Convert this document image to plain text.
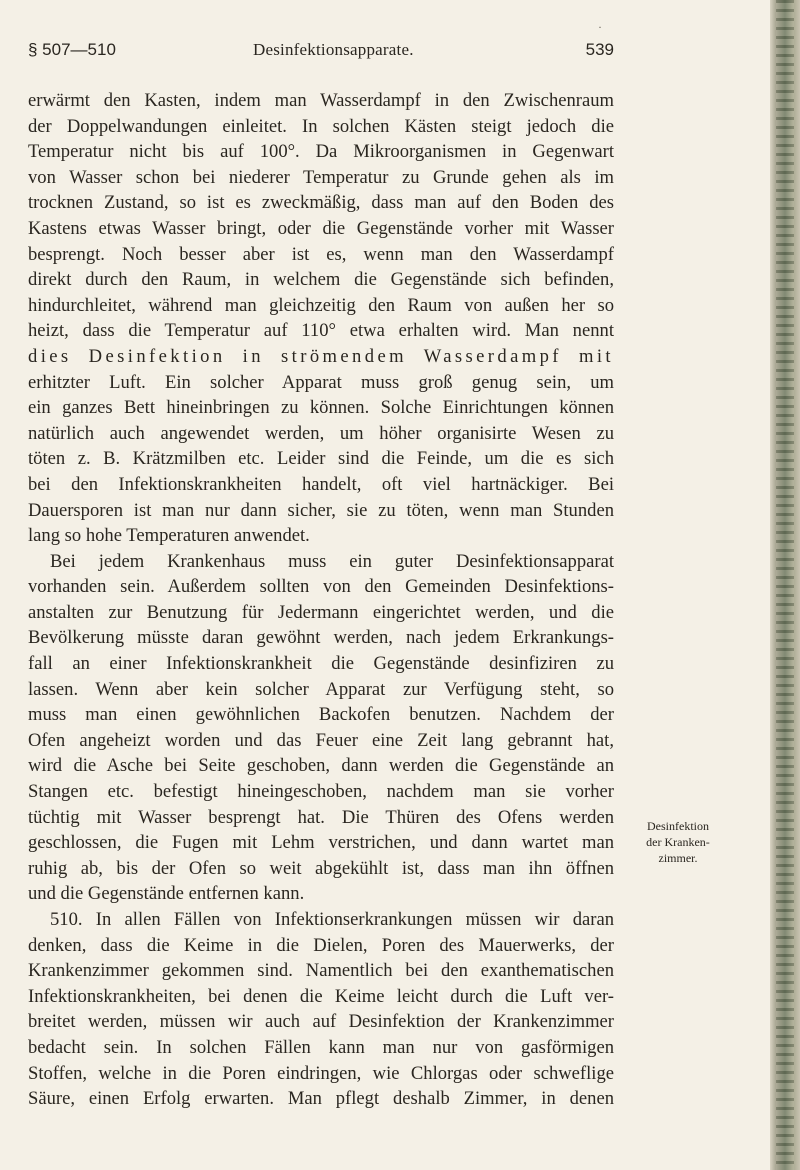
·
§ 507—510	Desinfektionsapparate.	539
erwärmt den Kasten, indem man Wasserdampf in den Zwischenraum
der Doppelwandungen einleitet. In solchen Kästen steigt jedoch die
Temperatur nicht bis auf 100°. Da Mikroorganismen in Gegenwart
von Wasser schon bei niederer Temperatur zu Grunde gehen als im
trocknen Zustand, so ist es zweckmäßig, dass man auf den Boden des
Kastens etwas Wasser bringt, oder die Gegenstände vorher mit Wasser
besprengt. Noch besser aber ist es, wenn man den Wasserdampf
direkt durch den Raum, in welchem die Gegenstände sich befinden,
hindurchleitet, während man gleichzeitig den Raum von außen her so
heizt, dass die Temperatur auf 110° etwa erhalten wird. Man nennt
dies Desinfektion in strömendem Wasserdampf mit
erhitzter Luft. Ein solcher Apparat muss groß genug sein, um
ein ganzes Bett hineinbringen zu können. Solche Einrichtungen können
natürlich auch angewendet werden, um höher organisirte Wesen zu
töten z. B. Krätzmilben etc. Leider sind die Feinde, um die es sich
bei den Infektionskrankheiten handelt, oft viel hartnäckiger. Bei
Dauersporen ist man nur dann sicher, sie zu töten, wenn man Stunden
lang so hohe Temperaturen anwendet.
Bei jedem Krankenhaus muss ein guter Desinfektionsapparat
vorhanden sein. Außerdem sollten von den Gemeinden Desinfektions-
anstalten zur Benutzung für Jedermann eingerichtet werden, und die
Bevölkerung müsste daran gewöhnt werden, nach jedem Erkrankungs-
fall an einer Infektionskrankheit die Gegenstände desinfiziren zu
lassen. Wenn aber kein solcher Apparat zur Verfügung steht, so
muss man einen gewöhnlichen Backofen benutzen. Nachdem der
Ofen angeheizt worden und das Feuer eine Zeit lang gebrannt hat,
wird die Asche bei Seite geschoben, dann werden die Gegenstände an
Stangen etc. befestigt hineingeschoben, nachdem man sie vorher
tüchtig mit Wasser besprengt hat. Die Thüren des Ofens werden
geschlossen, die Fugen mit Lehm verstrichen, und dann wartet man
ruhig ab, bis der Ofen so weit abgekühlt ist, dass man ihn öffnen
und die Gegenstände entfernen kann.
510. In allen Fällen von Infektionserkrankungen müssen wir daran
denken, dass die Keime in die Dielen, Poren des Mauerwerks, der
Krankenzimmer gekommen sind. Namentlich bei den exanthematischen
Infektionskrankheiten, bei denen die Keime leicht durch die Luft ver-
breitet werden, müssen wir auch auf Desinfektion der Krankenzimmer
bedacht sein. In solchen Fällen kann man nur von gasförmigen
Stoffen, welche in die Poren eindringen, wie Chlorgas oder schweflige
Säure, einen Erfolg erwarten. Man pflegt deshalb Zimmer, in denen
Desinfektion
der Kranken-
zimmer.
